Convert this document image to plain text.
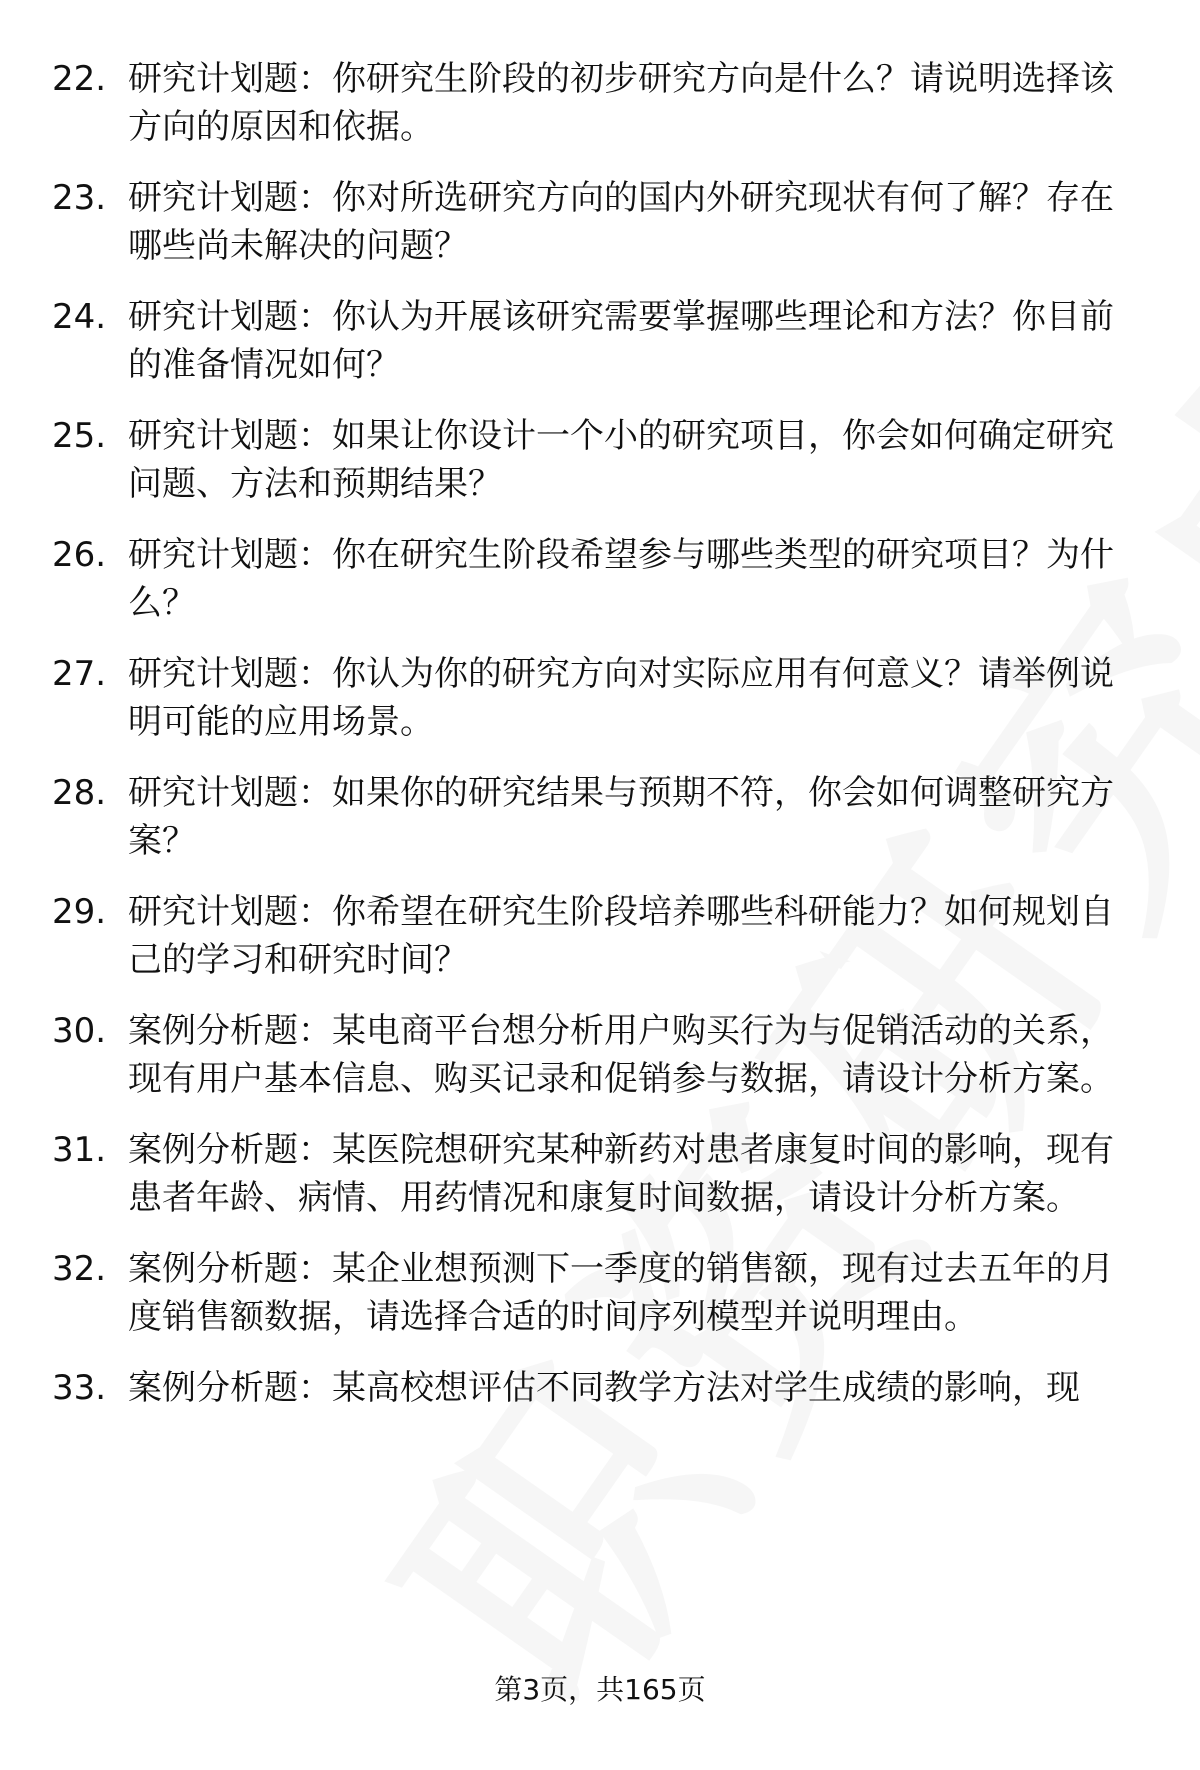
22. 研究计划题：你研究生阶段的初步研究方向是什么？请说明选择该方向的原因和依据。
23. 研究计划题：你对所选研究方向的国内外研究现状有何了解？存在哪些尚未解决的问题？
24. 研究计划题：你认为开展该研究需要掌握哪些理论和方法？你目前的准备情况如何？
25. 研究计划题：如果让你设计一个小的研究项目，你会如何确定研究问题、方法和预期结果？
26. 研究计划题：你在研究生阶段希望参与哪些类型的研究项目？为什么？
27. 研究计划题：你认为你的研究方向对实际应用有何意义？请举例说明可能的应用场景。
28. 研究计划题：如果你的研究结果与预期不符，你会如何调整研究方案？
29. 研究计划题：你希望在研究生阶段培养哪些科研能力？如何规划自己的学习和研究时间？
30. 案例分析题：某电商平台想分析用户购买行为与促销活动的关系，现有用户基本信息、购买记录和促销参与数据，请设计分析方案。
31. 案例分析题：某医院想研究某种新药对患者康复时间的影响，现有患者年龄、病情、用药情况和康复时间数据，请设计分析方案。
32. 案例分析题：某企业想预测下一季度的销售额，现有过去五年的月度销售额数据，请选择合适的时间序列模型并说明理由。
33. 案例分析题：某高校想评估不同教学方法对学生成绩的影响，现
第3页，共165页
